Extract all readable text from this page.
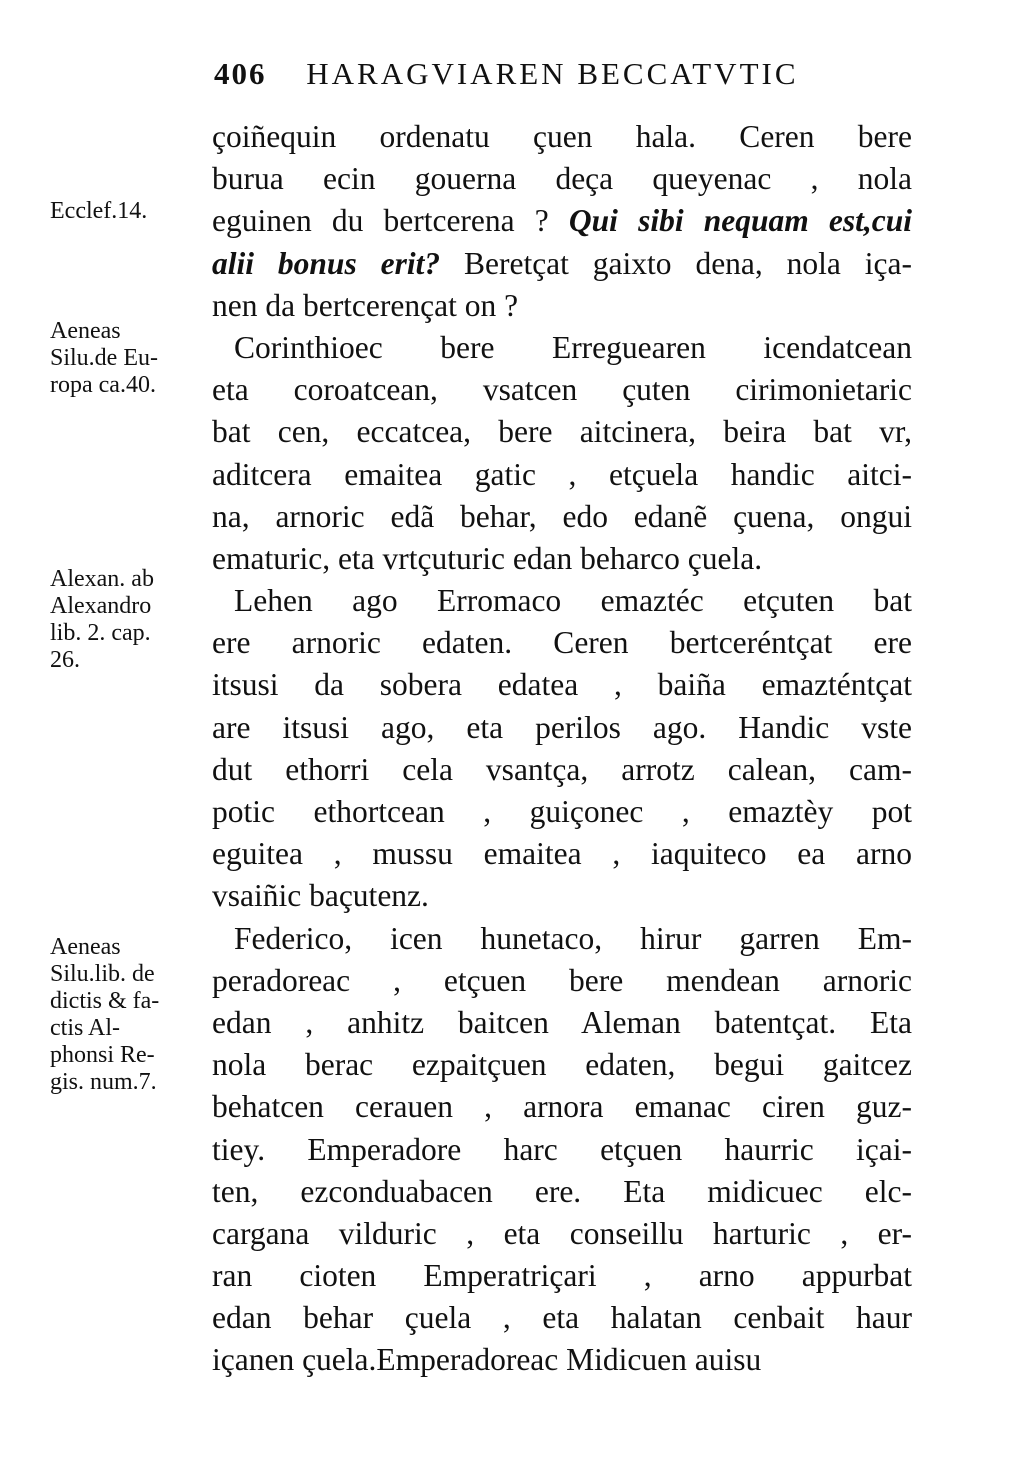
406 HARAGVIAREN BECCATVTIC
çoiñequin ordenatu çuen hala. Ceren bere
burua ecin gouerna deça queyenac , nola
eguinen du bertcerena ? Qui sibi nequam est,cui
alii bonus erit? Beretçat gaixto dena, nola iça-
nen da bertcerençat on ?
Corinthioec bere Erreguearen icendatcean
eta coroatcean, vsatcen çuten cirimonietaric
bat cen, eccatcea, bere aitcinera, beira bat vr,
aditcera emaitea gatic , etçuela handic aitci-
na, arnoric edã behar, edo edanẽ çuena, ongui
ematuric, eta vrtçuturic edan beharco çuela.
Lehen ago Erromaco emaztéc etçuten bat
ere arnoric edaten. Ceren bertceréntçat ere
itsusi da sobera edatea , baiña emazténtçat
are itsusi ago, eta perilos ago. Handic vste
dut ethorri cela vsantça, arrotz calean, cam-
potic ethortcean , guiçonec , emaztèy pot
eguitea , mussu emaitea , iaquiteco ea arno
vsaiñic baçutenz.
Federico, icen hunetaco, hirur garren Em-
peradoreac , etçuen bere mendean arnoric
edan , anhitz baitcen Aleman batentçat. Eta
nola berac ezpaitçuen edaten, begui gaitcez
behatcen cerauen , arnora emanac ciren guz-
tiey. Emperadore harc etçuen haurric içai-
ten, ezconduabacen ere. Eta midicuec elc-
cargana vilduric , eta conseillu harturic , er-
ran cioten Emperatriçari , arno appurbat
edan behar çuela , eta halatan cenbait haur
içanen çuela.Emperadoreac Midicuen auisu
Ecclef.14.
Aeneas
Silu.de Eu-
ropa ca.40.
Alexan. ab
Alexandro
lib. 2. cap.
26.
Aeneas
Silu.lib. de
dictis & fa-
ctis Al-
phonsi Re-
gis. num.7.
